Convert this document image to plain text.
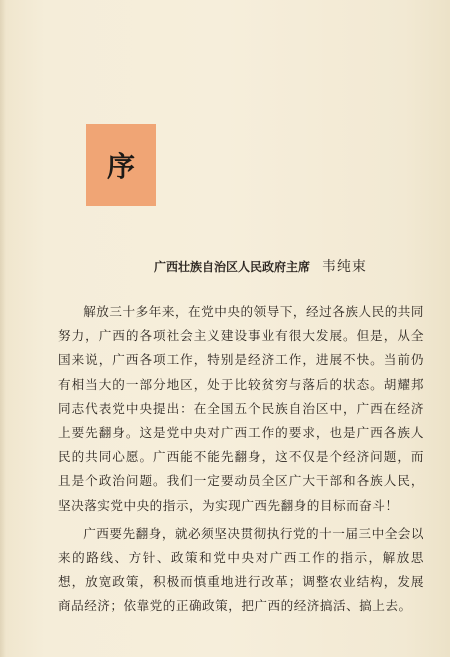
序
广西壮族自治区人民政府主席 韦纯束

解放三十多年来，在党中央的领导下，经过各族人民的共同努力，广西的各项社会主义建设事业有很大发展。但是，从全国来说，广西各项工作，特别是经济工作，进展不快。当前仍有相当大的一部分地区，处于比较贫穷与落后的状态。胡耀邦同志代表党中央提出：在全国五个民族自治区中，广西在经济上要先翻身。这是党中央对广西工作的要求，也是广西各族人民的共同心愿。广西能不能先翻身，这不仅是个经济问题，而且是个政治问题。我们一定要动员全区广大干部和各族人民，坚决落实党中央的指示，为实现广西先翻身的目标而奋斗！

广西要先翻身，就必须坚决贯彻执行党的十一届三中全会以来的路线、方针、政策和党中央对广西工作的指示，解放思想，放宽政策，积极而慎重地进行改革；调整农业结构，发展商品经济；依靠党的正确政策，把广西的经济搞活、搞上去。
